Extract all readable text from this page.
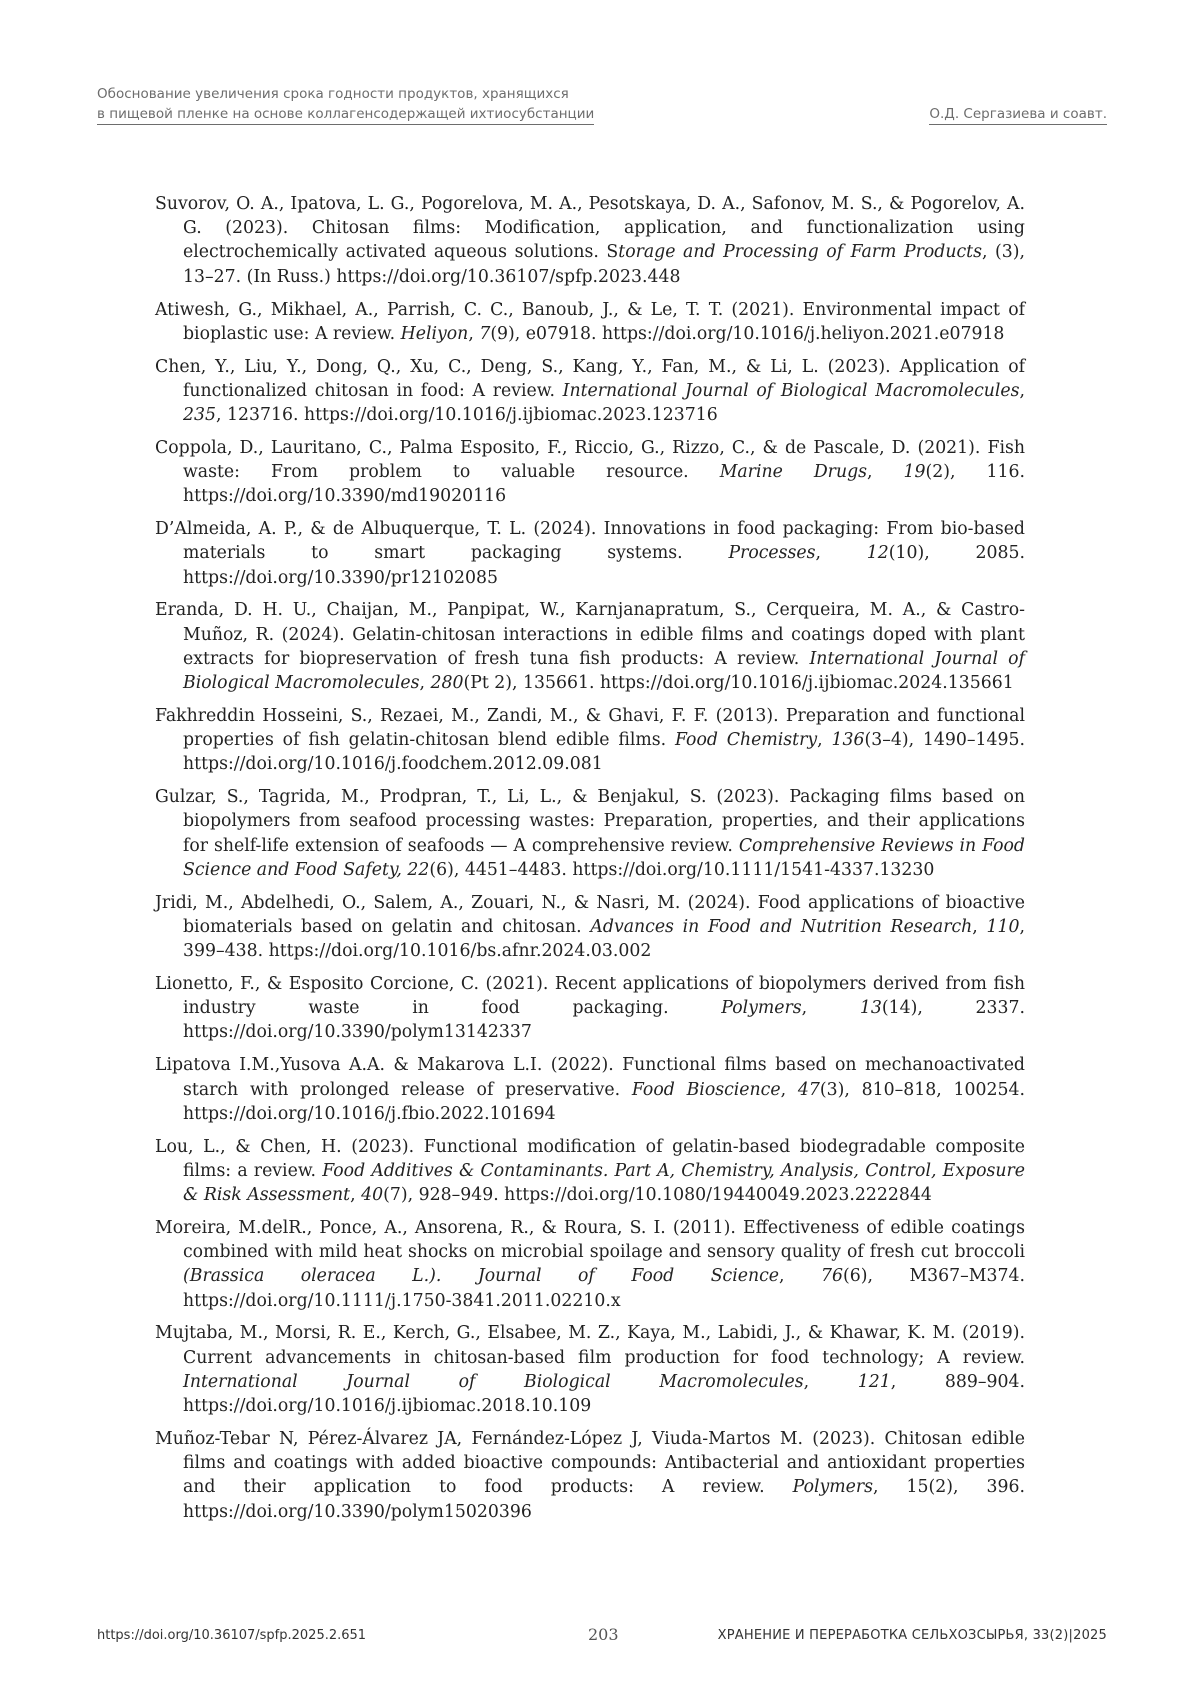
Обоснование увеличения срока годности продуктов, хранящихся
в пищевой пленке на основе коллагенсодержащей ихтиосубстанции	О.Д. Сергазиева и соавт.
Suvorov, O. A., Ipatova, L. G., Pogorelova, M. A., Pesotskaya, D. A., Safonov, M. S., & Pogorelov, A. G. (2023). Chitosan films: Modification, application, and functionalization using electrochemically activated aqueous solutions. Storage and Processing of Farm Products, (3), 13–27. (In Russ.) https://doi.org/10.36107/spfp.2023.448
Atiwesh, G., Mikhael, A., Parrish, C. C., Banoub, J., & Le, T. T. (2021). Environmental impact of bioplastic use: A review. Heliyon, 7(9), e07918. https://doi.org/10.1016/j.heliyon.2021.e07918
Chen, Y., Liu, Y., Dong, Q., Xu, C., Deng, S., Kang, Y., Fan, M., & Li, L. (2023). Application of functionalized chitosan in food: A review. International Journal of Biological Macromolecules, 235, 123716. https://doi.org/10.1016/j.ijbiomac.2023.123716
Coppola, D., Lauritano, C., Palma Esposito, F., Riccio, G., Rizzo, C., & de Pascale, D. (2021). Fish waste: From problem to valuable resource. Marine Drugs, 19(2), 116. https://doi.org/10.3390/md19020116
D’Almeida, A. P., & de Albuquerque, T. L. (2024). Innovations in food packaging: From bio-based materials to smart packaging systems. Processes, 12(10), 2085. https://doi.org/10.3390/pr12102085
Eranda, D. H. U., Chaijan, M., Panpipat, W., Karnjanapratum, S., Cerqueira, M. A., & Castro-Muñoz, R. (2024). Gelatin-chitosan interactions in edible films and coatings doped with plant extracts for biopreservation of fresh tuna fish products: A review. International Journal of Biological Macromolecules, 280(Pt 2), 135661. https://doi.org/10.1016/j.ijbiomac.2024.135661
Fakhreddin Hosseini, S., Rezaei, M., Zandi, M., & Ghavi, F. F. (2013). Preparation and functional properties of fish gelatin-chitosan blend edible films. Food Chemistry, 136(3–4), 1490–1495. https://doi.org/10.1016/j.foodchem.2012.09.081
Gulzar, S., Tagrida, M., Prodpran, T., Li, L., & Benjakul, S. (2023). Packaging films based on biopolymers from seafood processing wastes: Preparation, properties, and their applications for shelf-life extension of seafoods — A comprehensive review. Comprehensive Reviews in Food Science and Food Safety, 22(6), 4451–4483. https://doi.org/10.1111/1541-4337.13230
Jridi, M., Abdelhedi, O., Salem, A., Zouari, N., & Nasri, M. (2024). Food applications of bioactive biomaterials based on gelatin and chitosan. Advances in Food and Nutrition Research, 110, 399–438. https://doi.org/10.1016/bs.afnr.2024.03.002
Lionetto, F., & Esposito Corcione, C. (2021). Recent applications of biopolymers derived from fish industry waste in food packaging. Polymers, 13(14), 2337. https://doi.org/10.3390/polym13142337
Lipatova I.M.,Yusova A.A. & Makarova L.I. (2022). Functional films based on mechanoactivated starch with prolonged release of preservative. Food Bioscience, 47(3), 810–818, 100254. https://doi.org/10.1016/j.fbio.2022.101694
Lou, L., & Chen, H. (2023). Functional modification of gelatin-based biodegradable composite films: a review. Food Additives & Contaminants. Part A, Chemistry, Analysis, Control, Exposure & Risk Assessment, 40(7), 928–949. https://doi.org/10.1080/19440049.2023.2222844
Moreira, M.delR., Ponce, A., Ansorena, R., & Roura, S. I. (2011). Effectiveness of edible coatings combined with mild heat shocks on microbial spoilage and sensory quality of fresh cut broccoli (Brassica oleracea L.). Journal of Food Science, 76(6), M367–M374. https://doi.org/10.1111/j.1750-3841.2011.02210.x
Mujtaba, M., Morsi, R. E., Kerch, G., Elsabee, M. Z., Kaya, M., Labidi, J., & Khawar, K. M. (2019). Current advancements in chitosan-based film production for food technology; A review. International Journal of Biological Macromolecules, 121, 889–904. https://doi.org/10.1016/j.ijbiomac.2018.10.109
Muñoz-Tebar N, Pérez-Álvarez JA, Fernández-López J, Viuda-Martos M. (2023). Chitosan edible films and coatings with added bioactive compounds: Antibacterial and antioxidant properties and their application to food products: A review. Polymers, 15(2), 396. https://doi.org/10.3390/polym15020396
https://doi.org/10.36107/spfp.2025.2.651	203	ХРАНЕНИЕ И ПЕРЕРАБОТКА СЕЛЬХОЗСЫРЬЯ, 33(2)|2025
